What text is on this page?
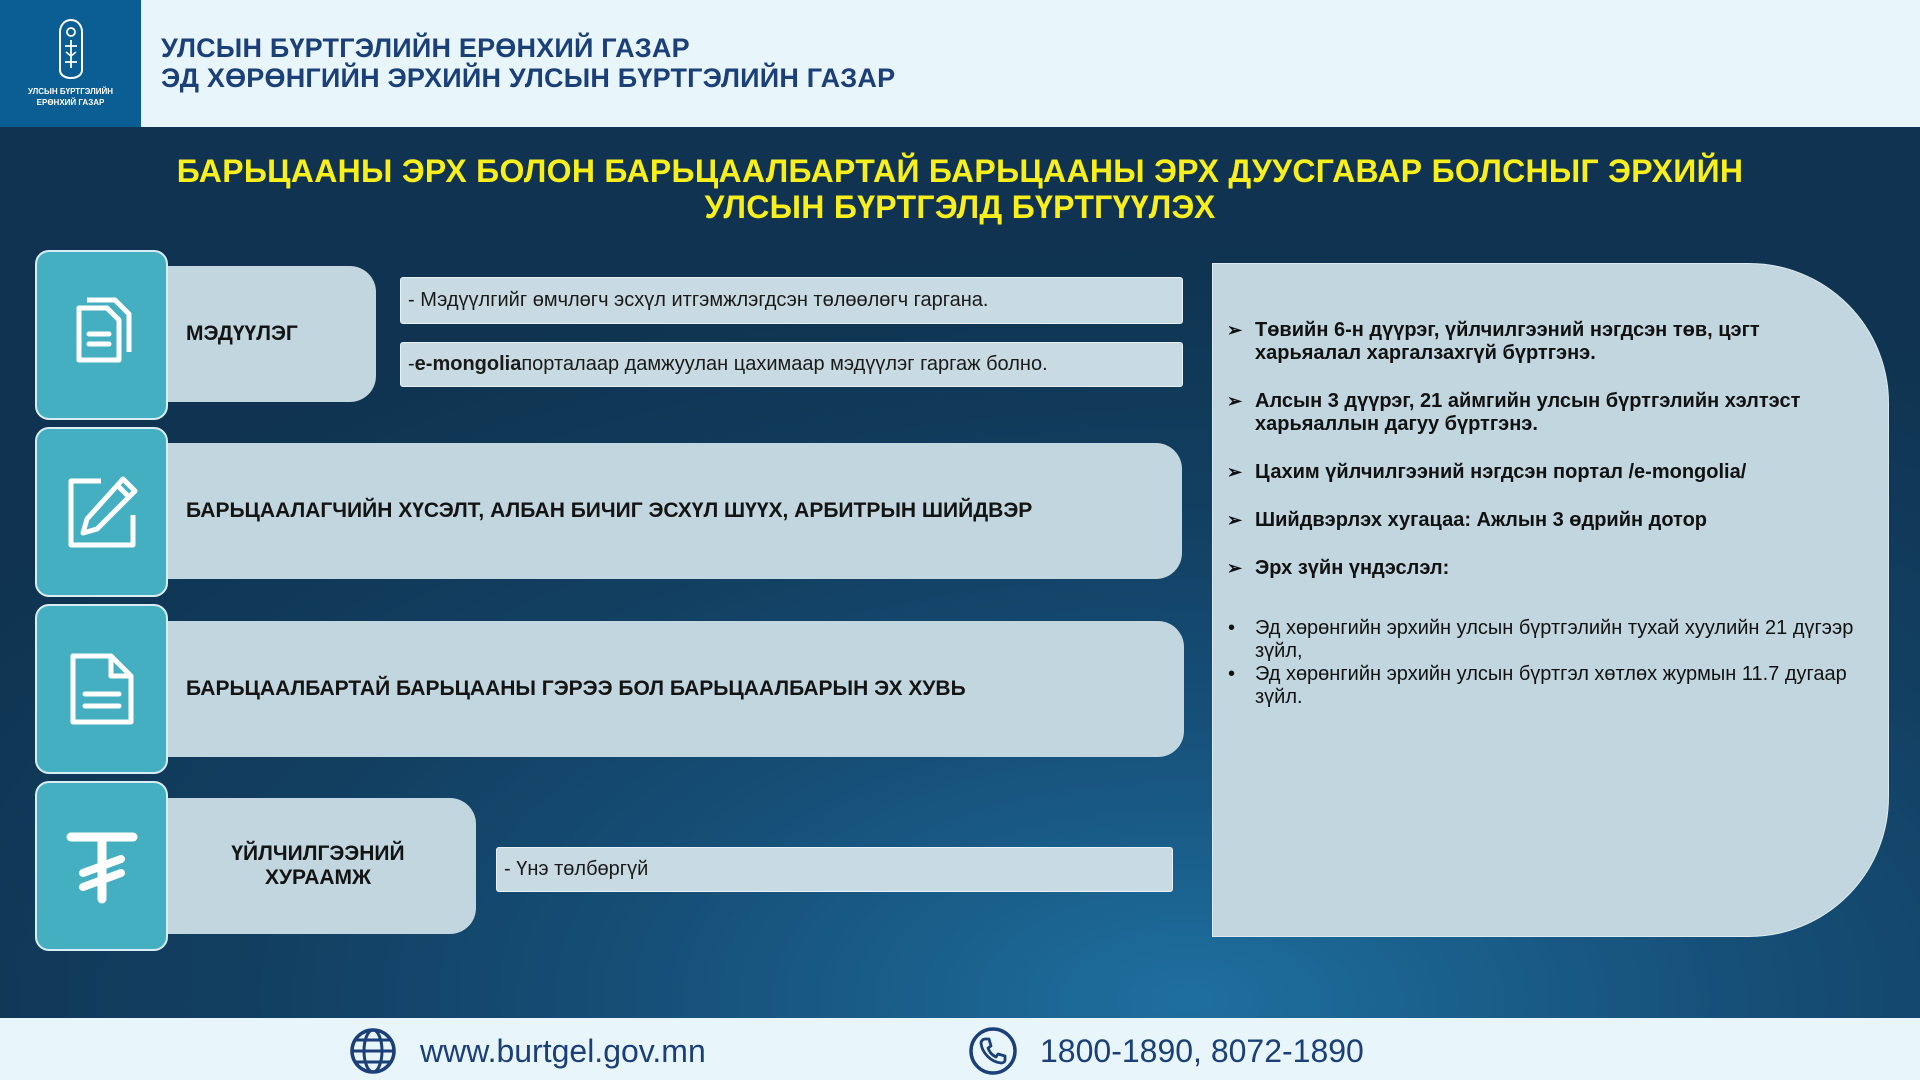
УЛСЫН БҮРТГЭЛИЙН
ЕРӨНХИЙ ГАЗАР
УЛСЫН БҮРТГЭЛИЙН ЕРӨНХИЙ ГАЗАР
ЭД ХӨРӨНГИЙН ЭРХИЙН УЛСЫН БҮРТГЭЛИЙН ГАЗАР
БАРЬЦААНЫ ЭРХ БОЛОН БАРЬЦААЛБАРТАЙ БАРЬЦААНЫ ЭРХ ДУУСГАВАР БОЛСНЫГ ЭРХИЙН
УЛСЫН БҮРТГЭЛД БҮРТГҮҮЛЭХ
МЭДҮҮЛЭГ
- Мэдүүлгийг өмчлөгч эсхүл итгэмжлэгдсэн төлөөлөгч гаргана.
- e-mongolia порталаар дамжуулан цахимаар мэдүүлэг гаргаж болно.
БАРЬЦААЛАГЧИЙН ХҮСЭЛТ, АЛБАН БИЧИГ ЭСХҮЛ ШҮҮХ, АРБИТРЫН ШИЙДВЭР
БАРЬЦААЛБАРТАЙ БАРЬЦААНЫ ГЭРЭЭ БОЛ БАРЬЦААЛБАРЫН ЭХ ХУВЬ
ҮЙЛЧИЛГЭЭНИЙ
ХУРААМЖ	- Үнэ төлбөргүй
➢ Төвийн 6-н дүүрэг, үйлчилгээний нэгдсэн төв, цэгт харьяалал харгалзахгүй бүртгэнэ.
➢ Алсын 3 дүүрэг, 21 аймгийн улсын бүртгэлийн хэлтэст харьяаллын дагуу бүртгэнэ.
➢ Цахим үйлчилгээний нэгдсэн портал /e-mongolia/
➢ Шийдвэрлэх хугацаа: Ажлын 3 өдрийн дотор
➢ Эрх зүйн үндэслэл:
• Эд хөрөнгийн эрхийн улсын бүртгэлийн тухай хуулийн 21 дүгээр зүйл,
• Эд хөрөнгийн эрхийн улсын бүртгэл хөтлөх журмын 11.7 дугаар зүйл.
www.burtgel.gov.mn	1800-1890, 8072-1890
